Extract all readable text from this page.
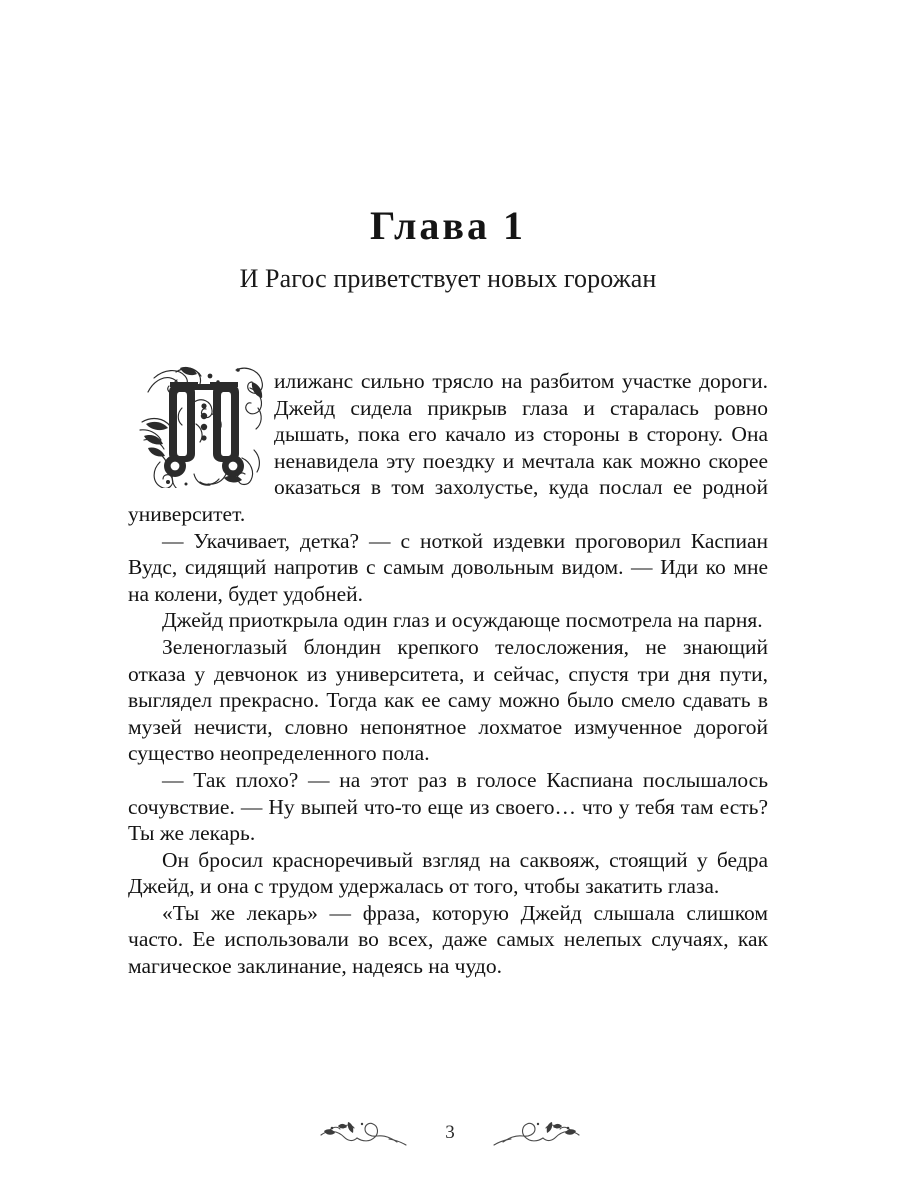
Глава 1
И Рагос приветствует новых горожан

илижанс сильно трясло на разбитом участке дороги. Джейд сидела прикрыв глаза и старалась ровно дышать, пока его качало из стороны в сторону. Она ненавидела эту поездку и мечтала как можно скорее оказаться в том захолустье, куда послал ее родной университет.

— Укачивает, детка? — с ноткой издевки проговорил Каспиан Вудс, сидящий напротив с самым довольным видом. — Иди ко мне на колени, будет удобней.

Джейд приоткрыла один глаз и осуждающе посмотрела на парня.

Зеленоглазый блондин крепкого телосложения, не знающий отказа у девчонок из университета, и сейчас, спустя три дня пути, выглядел прекрасно. Тогда как ее саму можно было смело сдавать в музей нечисти, словно непонятное лохматое измученное дорогой существо неопределенного пола.

— Так плохо? — на этот раз в голосе Каспиана послышалось сочувствие. — Ну выпей что-то еще из своего… что у тебя там есть? Ты же лекарь.

Он бросил красноречивый взгляд на саквояж, стоящий у бедра Джейд, и она с трудом удержалась от того, чтобы закатить глаза.

«Ты же лекарь» — фраза, которую Джейд слышала слишком часто. Ее использовали во всех, даже самых нелепых случаях, как магическое заклинание, надеясь на чудо.

3
